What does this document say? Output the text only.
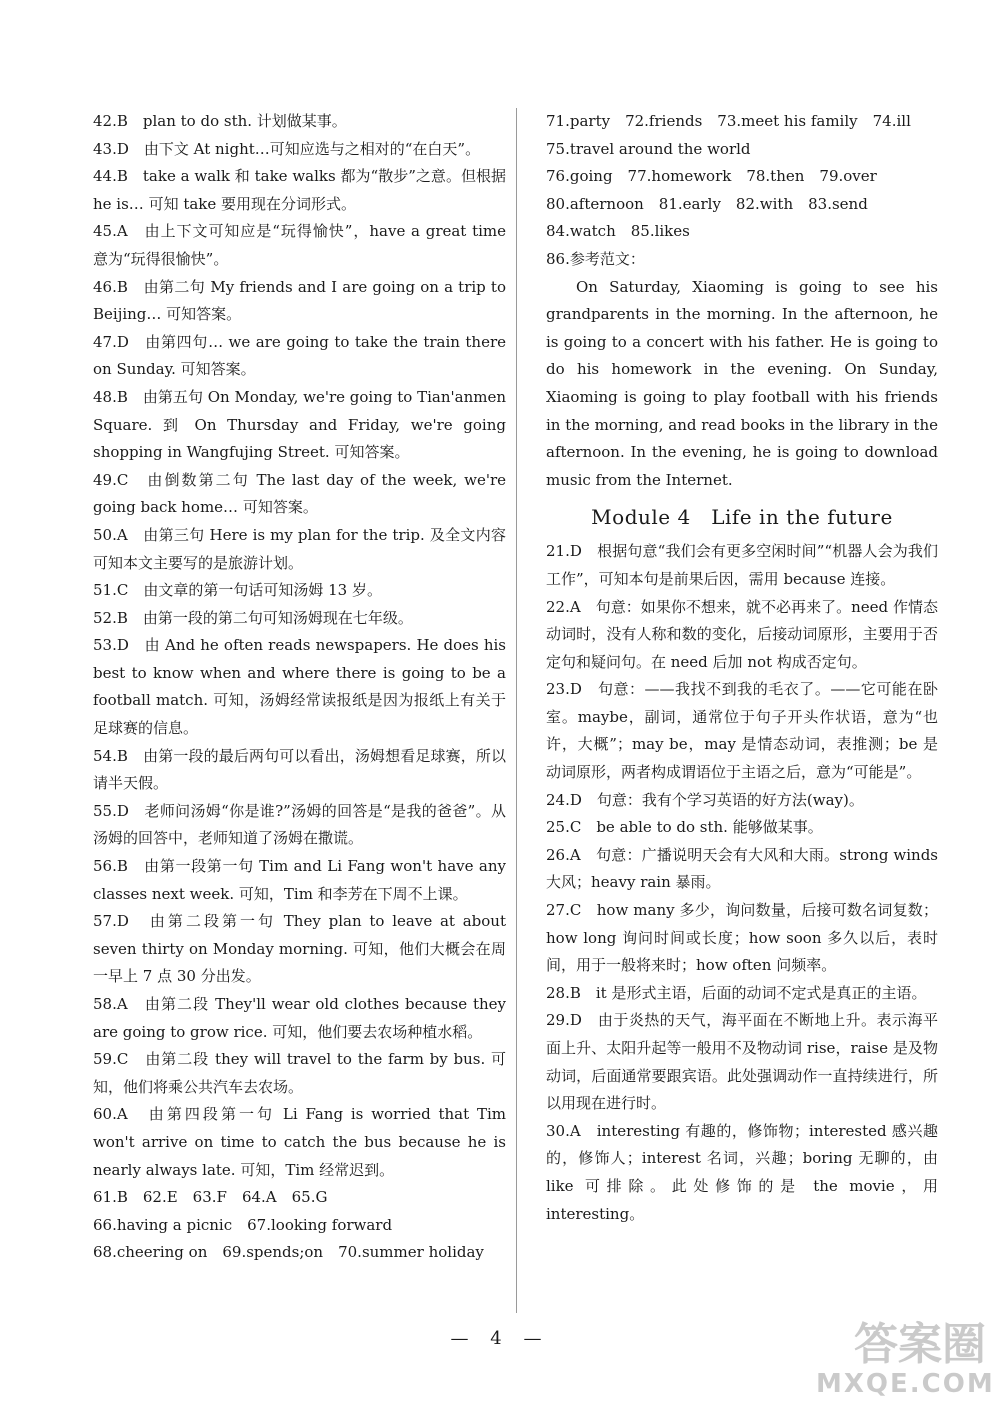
42.B　plan to do sth. 计划做某事。

43.D　由下文 At night…可知应选与之相对的“在白天”。

44.B　take a walk 和 take walks 都为“散步”之意。但根据 he is… 可知 take 要用现在分词形式。

45.A　由上下文可知应是“玩得愉快”，have a great time 意为“玩得很愉快”。

46.B　由第二句 My friends and I are going on a trip to Beijing… 可知答案。

47.D　由第四句… we are going to take the train there on Sunday. 可知答案。

48.B　由第五句 On Monday, we're going to Tian'anmen Square. 到 On Thursday and Friday, we're going shopping in Wangfujing Street. 可知答案。

49.C　由倒数第二句 The last day of the week, we're going back home… 可知答案。

50.A　由第三句 Here is my plan for the trip. 及全文内容可知本文主要写的是旅游计划。

51.C　由文章的第一句话可知汤姆 13 岁。

52.B　由第一段的第二句可知汤姆现在七年级。

53.D　由 And he often reads newspapers. He does his best to know when and where there is going to be a football match. 可知，汤姆经常读报纸是因为报纸上有关于足球赛的信息。

54.B　由第一段的最后两句可以看出，汤姆想看足球赛，所以请半天假。

55.D　老师问汤姆“你是谁?”汤姆的回答是“是我的爸爸”。从汤姆的回答中，老师知道了汤姆在撒谎。

56.B　由第一段第一句 Tim and Li Fang won't have any classes next week. 可知，Tim 和李芳在下周不上课。

57.D　由第二段第一句 They plan to leave at about seven thirty on Monday morning. 可知，他们大概会在周一早上 7 点 30 分出发。

58.A　由第二段 They'll wear old clothes because they are going to grow rice. 可知，他们要去农场种植水稻。

59.C　由第二段 they will travel to the farm by bus. 可知，他们将乘公共汽车去农场。

60.A　由第四段第一句 Li Fang is worried that Tim won't arrive on time to catch the bus because he is nearly always late. 可知，Tim 经常迟到。

61.B　62.E　63.F　64.A　65.G

66.having a picnic　67.looking forward

68.cheering on　69.spends;on　70.summer holiday

71.party　72.friends　73.meet his family　74.ill

75.travel around the world

76.going　77.homework　78.then　79.over

80.afternoon　81.early　82.with　83.send

84.watch　85.likes

86.参考范文：

On Saturday, Xiaoming is going to see his grandparents in the morning. In the afternoon, he is going to a concert with his father. He is going to do his homework in the evening. On Sunday, Xiaoming is going to play football with his friends in the morning, and read books in the library in the afternoon. In the evening, he is going to download music from the Internet.

Module 4　Life in the future

21.D　根据句意“我们会有更多空闲时间”“机器人会为我们工作”，可知本句是前果后因，需用 because 连接。

22.A　句意：如果你不想来，就不必再来了。need 作情态动词时，没有人称和数的变化，后接动词原形，主要用于否定句和疑问句。在 need 后加 not 构成否定句。

23.D　句意：——我找不到我的毛衣了。——它可能在卧室。maybe，副词，通常位于句子开头作状语，意为“也许，大概”；may be，may 是情态动词，表推测；be 是动词原形，两者构成谓语位于主语之后，意为“可能是”。

24.D　句意：我有个学习英语的好方法(way)。

25.C　be able to do sth. 能够做某事。

26.A　句意：广播说明天会有大风和大雨。strong winds 大风；heavy rain 暴雨。

27.C　how many 多少，询问数量，后接可数名词复数；how long 询问时间或长度；how soon 多久以后，表时间，用于一般将来时；how often 问频率。

28.B　it 是形式主语，后面的动词不定式是真正的主语。

29.D　由于炎热的天气，海平面在不断地上升。表示海平面上升、太阳升起等一般用不及物动词 rise，raise 是及物动词，后面通常要跟宾语。此处强调动作一直持续进行，所以用现在进行时。

30.A　interesting 有趣的，修饰物；interested 感兴趣的，修饰人；interest 名词，兴趣；boring 无聊的，由 like 可排除。此处修饰的是 the movie，用 interesting。

— 4 —	答案圈
MXQE.COM
